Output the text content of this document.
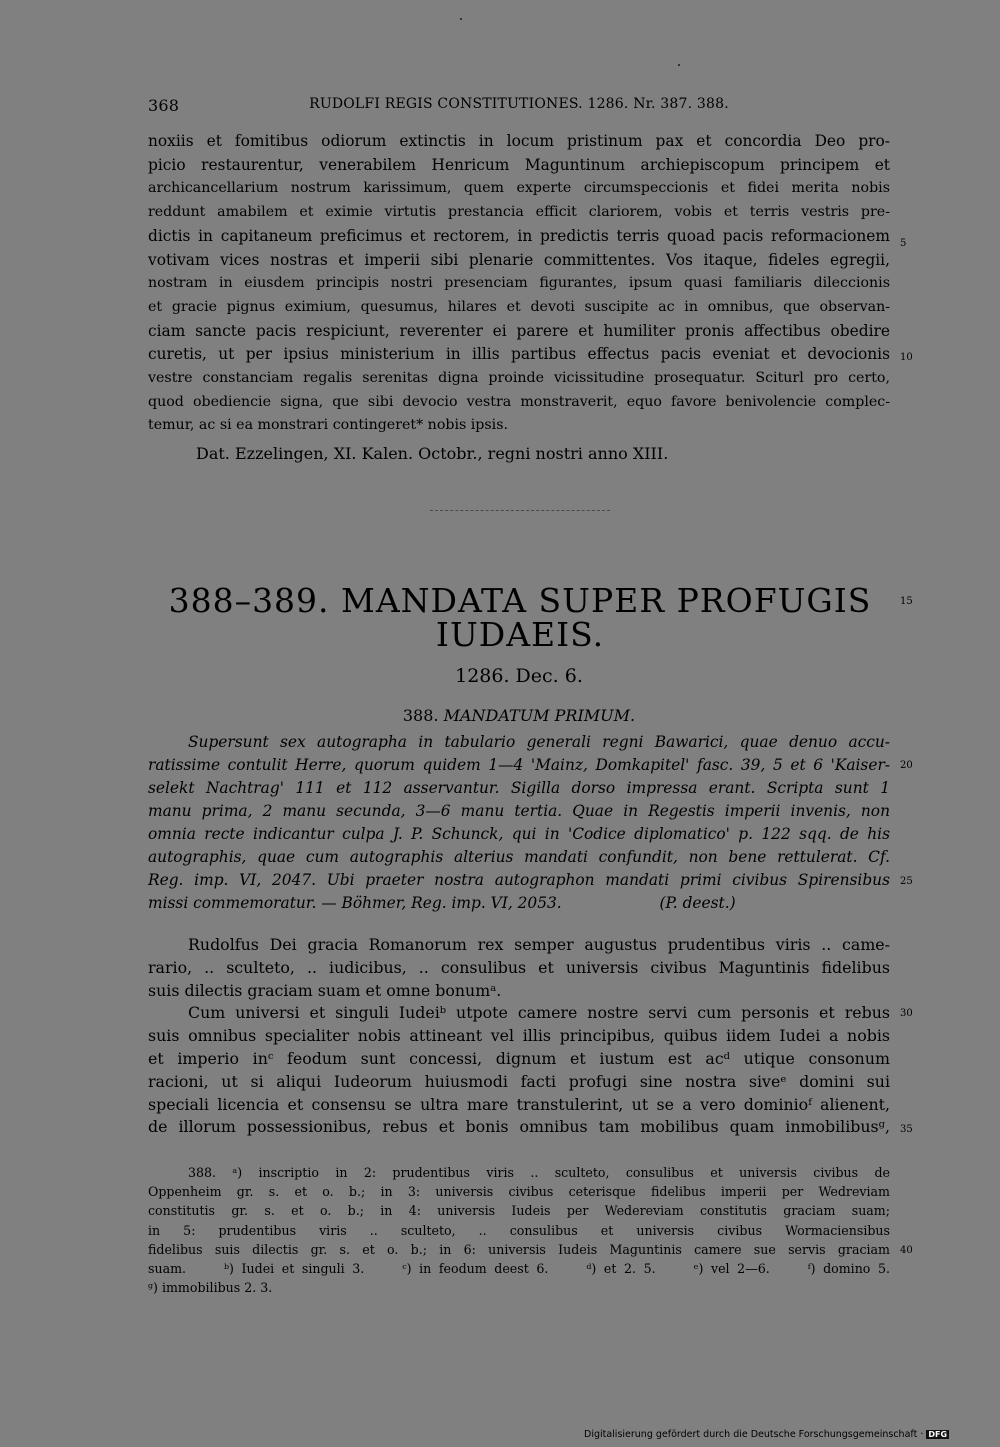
368	RUDOLFI REGIS CONSTITUTIONES. 1286. Nr. 387. 388.
noxiis et fomitibus odiorum extinctis in locum pristinum pax et concordia Deo pro-
picio restaurentur, venerabilem Henricum Maguntinum archiepiscopum principem et
archicancellarium nostrum karissimum, quem experte circumspeccionis et fidei merita nobis
reddunt amabilem et eximie virtutis prestancia efficit clariorem, vobis et terris vestris pre-
dictis in capitaneum preficimus et rectorem, in predictis terris quoad pacis reformacionem
votivam vices nostras et imperii sibi plenarie committentes. Vos itaque, fideles egregii,
nostram in eiusdem principis nostri presenciam figurantes, ipsum quasi familiaris dileccionis
et gracie pignus eximium, quesumus, hilares et devoti suscipite ac in omnibus, que observan-
ciam sancte pacis respiciunt, reverenter ei parere et humiliter pronis affectibus obedire
curetis, ut per ipsius ministerium in illis partibus effectus pacis eveniat et devocionis
vestre constanciam regalis serenitas digna proinde vicissitudine prosequatur. Sciturl pro certo,
quod obediencie signa, que sibi devocio vestra monstraverit, equo favore benivolencie complec-
temur, ac si ea monstrari contingeret* nobis ipsis.
Dat. Ezzelingen, XI. Kalen. Octobr., regni nostri anno XIII.
388–389. MANDATA SUPER PROFUGIS
IUDAEIS.
1286. Dec. 6.
388. MANDATUM PRIMUM.
Supersunt sex autographa in tabulario generali regni Bawarici, quae denuo accu-
ratissime contulit Herre, quorum quidem 1—4 'Mainz, Domkapitel' fasc. 39, 5 et 6 'Kaiser-
selekt Nachtrag' 111 et 112 asservantur. Sigilla dorso impressa erant. Scripta sunt 1
manu prima, 2 manu secunda, 3—6 manu tertia. Quae in Regestis imperii invenis, non
omnia recte indicantur culpa J. P. Schunck, qui in 'Codice diplomatico' p. 122 sqq. de his
autographis, quae cum autographis alterius mandati confundit, non bene rettulerat. Cf.
Reg. imp. VI, 2047. Ubi praeter nostra autographon mandati primi civibus Spirensibus
missi commemoratur. — Böhmer, Reg. imp. VI, 2053.                    (P. deest.)
Rudolfus Dei gracia Romanorum rex semper augustus prudentibus viris .. came-
rario, .. sculteto, .. iudicibus, .. consulibus et universis civibus Maguntinis fidelibus
suis dilectis graciam suam et omne bonumᵃ.
Cum universi et singuli Iudeiᵇ utpote camere nostre servi cum personis et rebus
suis omnibus specialiter nobis attineant vel illis principibus, quibus iidem Iudei a nobis
et imperio inᶜ feodum sunt concessi, dignum et iustum est acᵈ utique consonum
racioni, ut si aliqui Iudeorum huiusmodi facti profugi sine nostra siveᵉ domini sui
speciali licencia et consensu se ultra mare transtulerint, ut se a vero dominioᶠ alienent,
de illorum possessionibus, rebus et bonis omnibus tam mobilibus quam inmobilibusᵍ,
388. ᵃ) inscriptio in 2: prudentibus viris .. sculteto, consulibus et universis civibus de
Oppenheim gr. s. et o. b.; in 3: universis civibus ceterisque fidelibus imperii per Wedreviam
constitutis gr. s. et o. b.; in 4: universis Iudeis per Wedereviam constitutis graciam suam;
in 5: prudentibus viris .. sculteto, .. consulibus et universis civibus Wormaciensibus
fidelibus suis dilectis gr. s. et o. b.; in 6: universis Iudeis Maguntinis camere sue servis graciam
suam.     ᵇ) Iudei et singuli 3.     ᶜ) in feodum deest 6.     ᵈ) et 2. 5.     ᵉ) vel 2—6.     ᶠ) domino 5.
ᵍ) immobilibus 2. 3.
5
10
15
20
25
30
35
40
Digitalisierung gefördert durch die Deutsche Forschungsgemeinschaft · DFG
